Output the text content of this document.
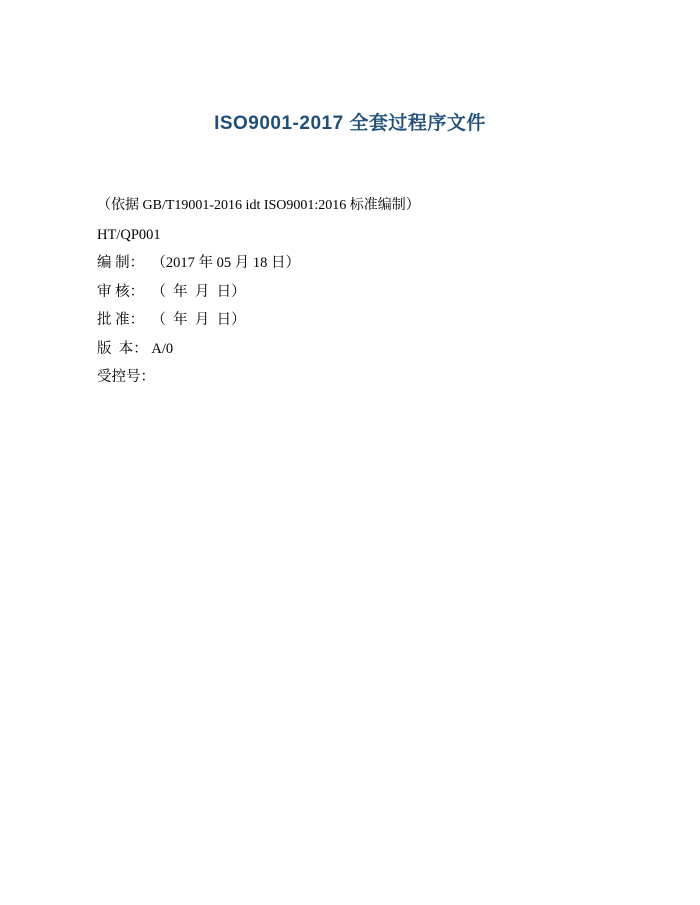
ISO9001-2017 全套过程序文件
（依据 GB/T19001-2016 idt ISO9001:2016 标准编制）
HT/QP001
编 制：  （2017 年 05 月 18 日）
审 核：  （  年  月  日）
批 准：  （  年  月  日）
版  本： A/0
受控号：
